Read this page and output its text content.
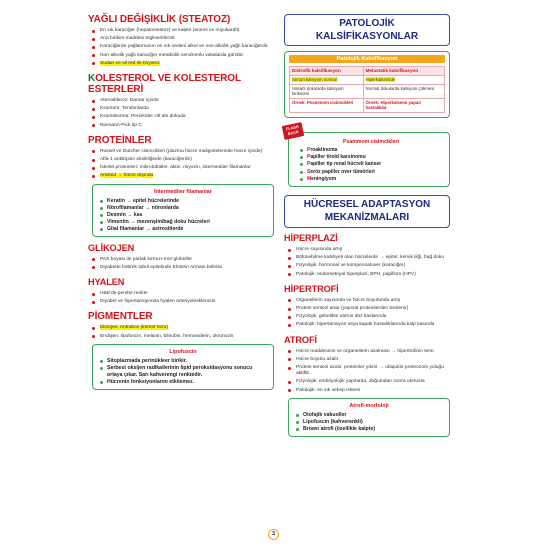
YAĞLI DEĞİŞİKLİK (STEATOZ)
En sık karaciğer (hepatosteatoz) ve kalpte (anemi ve miyokardit)
Ana birikim maddesi trigliseritlerdir.
Karaciğerde yağlanmanın en sık nedeni alkol ve non-alkolik yağlı karaciğerdir.
Non-alkolik yağlı karaciğer metabolik sendromlu vakalarda görülür.
Sudan ve oil red ile boyanır.
KOLESTEROL VE KOLESTEROL ESTERLERİ
Ateroskleroz: Damar içinde
Ksantom: Tendonlarda
Ksantelezma: Perioküler cilt altı dokuda
Niemann-Pick tip C
PROTEİNLER
Russel ve Dutcher cisimcikleri (plazma hücre malignitelerinde hücre içinde)
Alfa-1 antitripsin eksikliğinde (karaciğerde)
İskelet proteinleri: mikrotübüller, aktin, miyozin, intermediier filamanlar
Amiloid → hücre dışında
İntermediier filamanlar
Keratin → epitel hücrelerinde
Nörofilamanlar → nöronlarda
Desmin → kas
Vimentin → mezenşim/bağ doku hücreleri
Glial filamanlar → astrositlerde
GLİKOJEN
PAS boyası ile parlak kırmızı-mor globüller
Diyabette böbrek tübül epitelinde Ebstein Armani belirtisi
HYALEN
H&E'de pembe renkte
Diyabet ve hipertansiyonda hyalen arteriyolosklerozis
PİGMENTLER
Ekzojen: Antrakoz (kömür tozu)
Endojen: lipofuscin, melanin, bilirubin, hemosiderin, okronozis
Lipofuscin
Sitoplazmada perinükleer birikir.
Serbest oksijen radikallerinin lipid peroksidasyonu sonucu ortaya çıkar. Sarı kahverengi renktedir.
Hücrenin fonksiyonlarını etkilemez.
PATOLOJİK KALSİFİKASYONLAR
Patolojik Kalsifikasyon
Distrofik kalsifikasyon	Metastatik kalsifikasyon
Serum kalsiyum normal	Hiperkalsemide
Hasarlı dokularda kalsiyum birikmesi	Normal dokularda kalsiyum çökmesi
Örnek: Psammom cisimcikleri	Örnek: Hiperkalsemi yapan hastalıklar
FLASH BACK
Psammom cisimcikleri
Proaktinoma
Papiller tiroid karsinomu
Papiller tip renal hücreli kanser
Seröz papiller over tümörleri
Meningiyom
HÜCRESEL ADAPTASYON MEKANİZMALARI
HİPERPLAZİ
Hücre sayısında artış
Bölünebilme kabiliyeti olan hücrelerde → epitel, kemik iliği, bağ doku
Fizyolojik: hormonal ve kompensatuver (karaciğer)
Patolojik: endometriyal hiperplazi, BPH, papillom (HPV)
HİPERTROFİ
Organellerin sayısında ve hücre boyutunda artış
Protein sentezi artar (yapısal proteinlerden beslenir)
Fizyolojik: gebelikte uterus düz kaslarında
Patolojik: hipertansiyon veya kapak hastalıklarında kalp kasında
ATROFİ
Hücre maddesinin ve organellerin azalması → hipertrofinin tersi
Hücre boyutu azalır
Protein sentezi azalır, proteinler yıkılır → ubiquitin-proteozom yoluğu aktiftir.
Fizyolojik: embriyolojik yapılarda, doğumdan sonra uterusta
Patolojik: en sık sebep iskemi
Atrofi-morfoloji
Otofajik vakuoller
Lipofuscin (kahverenkli)
Brown atrofi (özellikle kalpte)
3
